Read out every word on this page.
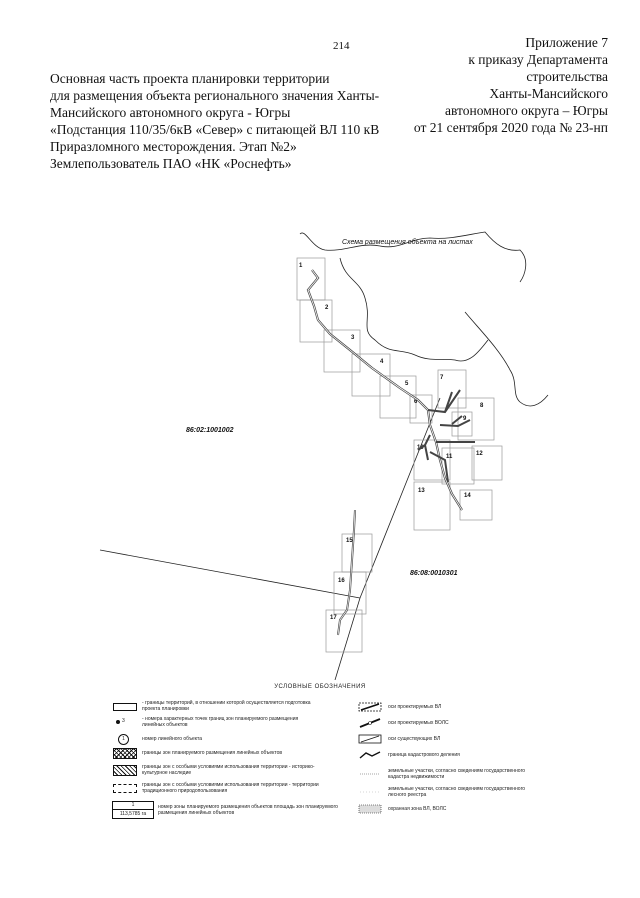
214	Приложение 7
к приказу Департамента
строительства
Ханты-Мансийского
автономного округа – Югры
от 21 сентября 2020 года № 23-нп
Основная часть проекта планировки территории
для размещения объекта регионального значения Ханты-
Мансийского автономного округа - Югры
«Подстанция 110/35/6кВ «Север» с питающей ВЛ 110 кВ
Приразломного месторождения. Этап №2»
Землепользователь ПАО «НК «Роснефть»
Схема размещения объекта на листах
86:02:1001002
86:08:0010301
1
2
3
4
5
6
7
8
9
10
11	12
13
14
15
16
17
УСЛОВНЫЕ ОБОЗНАЧЕНИЯ
- границы территорий, в отношении которой осуществляется подготовка проекта планировки
3	- номера характерных точек границ зон планируемого размещения линейных объектов
1	номер линейного объекта
границы зон планируемого размещения линейных объектов
границы зон с особыми условиями использования территории - историко-культурное наследие
границы зон с особыми условиями использования территории - территории традиционного природопользования
1
113,5785 га
номер зоны планируемого размещения объектов площадь зон планируемого размещения линейных объектов
оси проектируемых ВЛ
оси проектируемых ВОЛС
оси существующих ВЛ
граница кадастрового деления
земельные участки, согласно сведениям государственного кадастра недвижимости
земельные участки, согласно сведениям государственного лесного реестра
охранная зона ВЛ, ВОЛС
